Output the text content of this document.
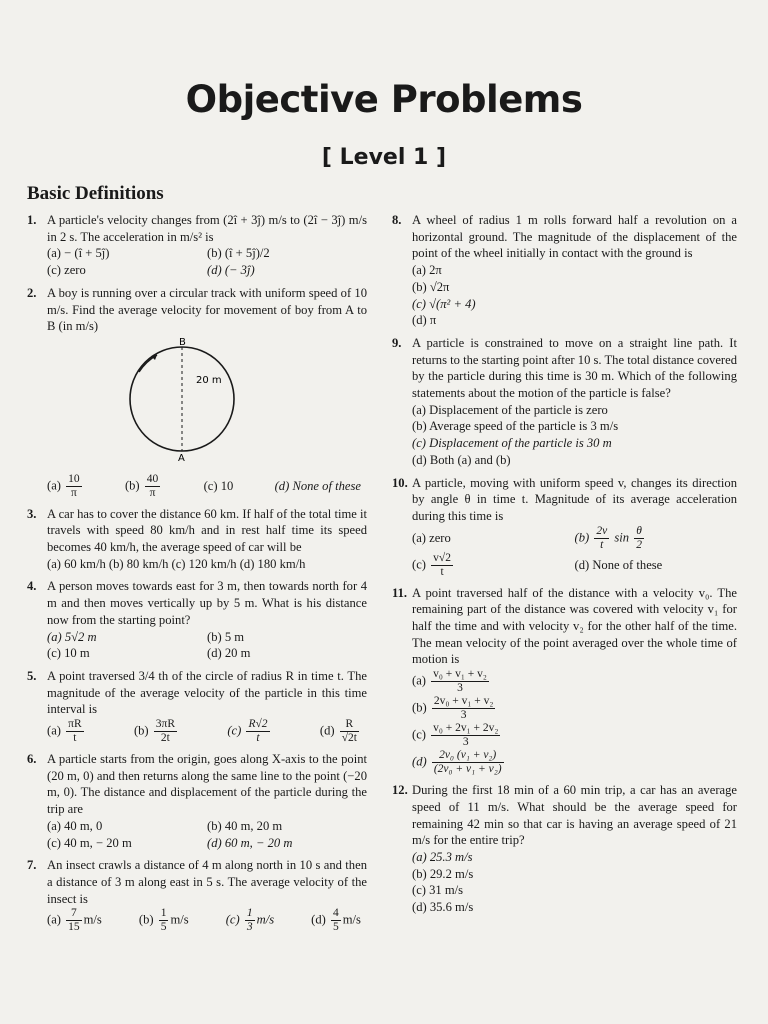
Objective Problems
[ Level 1 ]
Basic Definitions
1. A particle's velocity changes from (2î + 3ĵ) m/s to (2î − 3ĵ) m/s in 2 s. The acceleration in m/s² is
(a) − (î + 5ĵ)	(b) (î + 5ĵ)/2
(c) zero	(d) (− 3ĵ)
2. A boy is running over a circular track with uniform speed of 10 m/s. Find the average velocity for movement of boy from A to B (in m/s)
B
A
20 m
$(a) \frac{10}{\pi}$	$(b) \frac{40}{\pi}$	(c) 10	(d) None of these
3. A car has to cover the distance 60 km. If half of the total time it travels with speed 80 km/h and in rest half time its speed becomes 40 km/h, the average speed of car will be
(a) 60 km/h (b) 80 km/h (c) 120 km/h (d) 180 km/h
4. A person moves towards east for 3 m, then towards north for 4 m and then moves vertically up by 5 m. What is his distance now from the starting point?
(a) 5√2 m	(b) 5 m
(c) 10 m	(d) 20 m
5. A point traversed 3/4 th of the circle of radius R in time t. The magnitude of the average velocity of the particle in this time interval is
$(a) \frac{\pi R}{t}$	$(b) \frac{3\pi R}{2t}$	$(c) \frac{R√2}{t}$	$(d) \frac{R}{√2t}$
6. A particle starts from the origin, goes along X-axis to the point (20 m, 0) and then returns along the same line to the point (−20 m, 0). The distance and displacement of the particle during the trip are
(a) 40 m, 0	(b) 40 m, 20 m
(c) 40 m, − 20 m	(d) 60 m, − 20 m
7. An insect crawls a distance of 4 m along north in 10 s and then a distance of 3 m along east in 5 s. The average velocity of the insect is
$(a) \frac{7}{15} m/s$	$(b) \frac{1}{5} m/s$	$(c) \frac{1}{3} m/s$	$(d) \frac{4}{5} m/s$
8. A wheel of radius 1 m rolls forward half a revolution on a horizontal ground. The magnitude of the displacement of the point of the wheel initially in contact with the ground is
(a) 2π
(b) √2π
(c) √(π² + 4)
(d) π
9. A particle is constrained to move on a straight line path. It returns to the starting point after 10 s. The total distance covered by the particle during this time is 30 m. Which of the following statements about the motion of the particle is false?
(a) Displacement of the particle is zero
(b) Average speed of the particle is 3 m/s
(c) Displacement of the particle is 30 m
(d) Both (a) and (b)
10. A particle, moving with uniform speed v, changes its direction by angle θ in time t. Magnitude of its average acceleration during this time is
(a) zero	$(b) \frac{2v}{t}$ $\sin \frac{\theta}{2}$
$(c) \frac{v√2}{t}$	(d) None of these
11. A point traversed half of the distance with a velocity v₀. The remaining part of the distance was covered with velocity v₁ for half the time and with velocity v₂ for the other half of the time. The mean velocity of the point averaged over the whole time of motion is
$(a) \frac{\text{v₀ + v₁ + v₂}}{3}$
$(b) \frac{\text{2v₀ + v₁ + v₂}}{3}$
$(c) \frac{\text{v₀ + 2v₁ + 2v₂}}{3}$
$(d) \frac{\text{2v₀ (v₁ + v₂)}}{\text{(2v₀ + v₁ + v₂)}}$
12. During the first 18 min of a 60 min trip, a car has an average speed of 11 m/s. What should be the average speed for remaining 42 min so that car is having an average speed of 21 m/s for the entire trip?
(a) 25.3 m/s
(b) 29.2 m/s
(c) 31 m/s
(d) 35.6 m/s
